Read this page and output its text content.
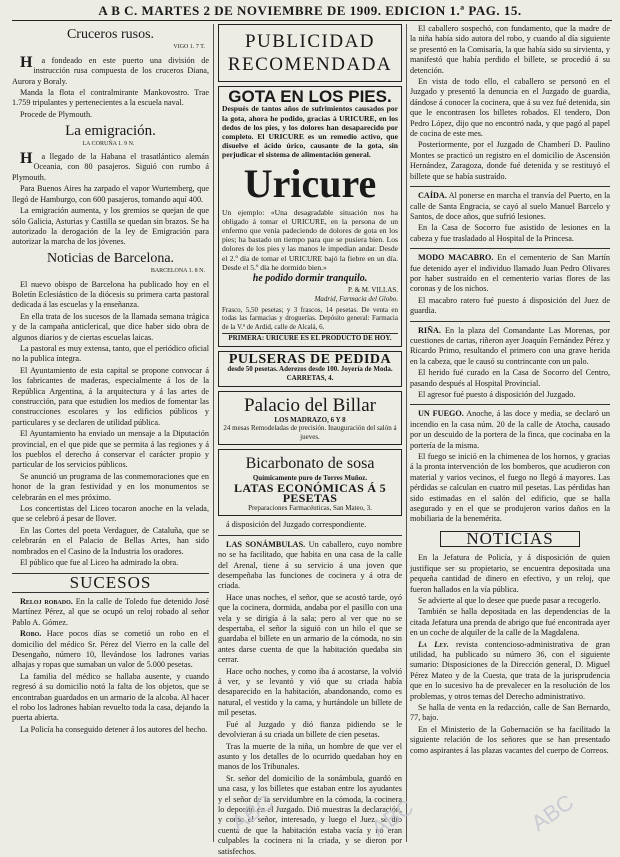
A B C. MARTES 2 DE NOVIEMBRE DE 1909. EDICION 1.ª PAG. 15.
Cruceros rusos.
VIGO 1. 7 T.

Ha fondeado en este puerto una división de instrucción rusa compuesta de los cruceros Diana, Aurora y Boraly.

Manda la flota el contralmirante Mankovostro. Trae 1.759 tripulantes y pertenecientes a la escuela naval.

Procede de Plymouth.

La emigración.
LA CORUÑA 1. 9 N.

Ha llegado de la Habana el trasatlántico alemán Oceania, con 80 pasajeros. Siguió con rumbo á Plymouth.

Para Buenos Aires ha zarpado el vapor Wurtemberg, que llegó de Hamburgo, con 600 pasajeros, tomando aquí 400.

La emigración aumenta, y los gremios se quejan de que sólo Galicia, Asturias y Castilla se quedan sin brazos. Se ha autorizado la derogación de la ley de Emigración para autorizar la marcha de los jóvenes.

Noticias de Barcelona.
BARCELONA 1. 8 N.

El nuevo obispo de Barcelona ha publicado hoy en el Boletín Eclesiástico de la diócesis su primera carta pastoral dedicada á las escuelas y la enseñanza.

En ella trata de los sucesos de la llamada semana trágica y de la campaña anticlerical, que dice haber sido obra de algunos diarios y de ciertas escuelas laicas.

La pastoral es muy extensa, tanto, que el periódico oficial no la publica íntegra.

El Ayuntamiento de esta capital se propone convocar á los fabricantes de maderas, especialmente á los de la República Argentina, á la arquitectura y á las artes de construcción, para que estudien los medios de fomentar las construcciones escolares y los edificios públicos y particulares y se declaren de utilidad pública.

El Ayuntamiento ha enviado un mensaje a la Diputación provincial, en el que pide que se permita á las regiones y á los pueblos el derecho á conservar el carácter propio y particular de los servicios públicos.

Se anunció un programa de las conmemoraciones que en honor de la gran festividad y en los monumentos se celebrarán en el mes próximo.

Los concertistas del Liceo tocaron anoche en la velada, que se celebró á pesar de llover.

En las Cortes del poeta Verdaguer, de Cataluña, que se celebrarán en el Palacio de Bellas Artes, han sido nombrados en el Casino de la Industria los oradores.

El público que fue al Liceo ha admirado la obra.

SUCESOS

Reloj robado. En la calle de Toledo fue detenido José Martínez Pérez, al que se ocupó un reloj robado al señor Pablo A. Gómez.

Robo. Hace pocos días se cometió un robo en el domicilio del médico Sr. Pérez del Vierro en la calle del Desengaño, número 10, llevándose los ladrones varias alhajas y ropas que sumaban un valor de 5.000 pesetas.

La familia del médico se hallaba ausente, y cuando regresó á su domicilio notó la falta de los objetos, que se encontraban guardados en un armario de la alcoba. Al hacer el robo los ladrones habían revuelto toda la casa, dejando la puerta abierta.

La Policía ha conseguido detener á los autores del hecho.

PUBLICIDAD
RECOMENDADA
GOTA EN LOS PIES.
Después de tantos años de sufrimientos causados por la gota, ahora he podido, gracias á URICURE, en los dedos de los pies, y los dolores han desaparecido por completo. El URICURE es un remedio activo, que disuelve el ácido úrico, causante de la gota, sin perjudicar el sistema de alimentación general.
Uricure
Un ejemplo: «Una desagradable situación nos ha obligado á tomar el URICURE, en la persona de un enfermo que venía padeciendo de dolores de gota en los pies; ha bastado un tiempo para que se pusiera bien. Los dolores de los pies y las manos le impedían andar. Desde el 2.º día de tomar el URICURE bajó la fiebre en un día. Desde el 5.º día he dormido bien.»
he podido dormir tranquilo.
P. & M. VILLAS.
Madrid, Farmacia del Globo.
Frasco, 5,50 pesetas; y 3 frascos, 14 pesetas. De venta en todas las farmacias y droguerías. Depósito general: Farmacia de la V.ª de Ardid, calle de Alcalá, 6.
PRIMERA: URICURE ES EL PRODUCTO DE HOY.
PULSERAS DE PEDIDA
desde 50 pesetas. Aderezos desde 100. Joyería de Moda. CARRETAS, 4.
Palacio del Billar
LOS MADRAZO, 6 Y 8
24 mesas Remodeladas de precisión. Inauguración del salón á jueves.
Bicarbonato de sosa
Químicamente puro de Torres Muñoz.
LATAS ECONÓMICAS Á 5 PESETAS
Preparaciones Farmacéuticas, San Mateo, 3.

á disposición del Juzgado correspondiente.

LAS SONÁMBULAS. Un caballero, cuyo nombre no se ha facilitado, que habita en una casa de la calle del Arenal, tiene á su servicio á una joven que desempeñaba las funciones de cocinera y á otra de criada.

Hace unas noches, el señor, que se acostó tarde, oyó que la cocinera, dormida, andaba por el pasillo con una vela y se dirigía á la sala; pero al ver que no se despertaba, el señor la siguió con un hilo el que se guardaba el billete en un armario de la cómoda, no sin antes darse cuenta de que la habitación quedaba sin cerrar.

Hace ocho noches, y como iba á acostarse, la volvió á ver, y se levantó y vió que su criada había desaparecido en la habitación, abandonando, como es natural, el vestido y la cama, y hurtándole un billete de mil pesetas.

Fué al Juzgado y dió fianza pidiendo se le devolvieran á su criada un billete de cien pesetas.

Tras la muerte de la niña, un hombre de que ver el asunto y los detalles de lo ocurrido quedaban hoy en manos de los Tribunales.

Sr. señor del domicilio de la sonámbula, guardó en una casa, y los billetes que estaban entre los ayudantes y el señor de la servidumbre en la cómoda, la cocinera lo depositó en el Juzgado. Dió muestras la declaración, y como el señor, interesado, y luego el Juez, se dio cuenta de que la habitación estaba vacía y no eran culpables la cocinera ni la criada, y se dieron por satisfechos.

El caballero sospechó, con fundamento, que la madre de la niña había sido autora del robo, y cuando al día siguiente se presentó en la Comisaría, la que había sido su sirvienta, y manifestó que había perdido el billete, se procedió á su detención.

En vista de todo ello, el caballero se personó en el Juzgado y presentó la denuncia en el Juzgado de guardia, dándose á conocer la cocinera, que á su vez fué detenida, sin que le encontrasen los billetes robados. El tendero, Don Pedro López, dijo que no encontró nada, y que pagó al papel de cocina de este mes.

Posteriormente, por el Juzgado de Chamberí D. Paulino Montes se practicó un registro en el domicilio de Ascensión Hernández, Zaragoza, donde fué detenida y se restituyó el billete que se había sustraído.

CAÍDA. Al ponerse en marcha el tranvía del Puerto, en la calle de Santa Engracia, se cayó al suelo Manuel Barcelo y Santos, de doce años, que sufrió lesiones.

En la Casa de Socorro fue asistido de lesiones en la cabeza y fue trasladado al Hospital de la Princesa.

MODO MACABRO. En el cementerio de San Martín fue detenido ayer el individuo llamado Juan Pedro Olivares por haber sustraído en el cementerio varias flores de las coronas y de los nichos.

El macabro ratero fué puesto á disposición del Juez de guardia.

RIÑA. En la plaza del Comandante Las Morenas, por cuestiones de cartas, riñeron ayer Joaquín Fernández Pérez y Ricardo Primo, resultando el primero con una grave herida en la cabeza, que le causó su contrincante con un palo.

El herido fué curado en la Casa de Socorro del Centro, pasando después al Hospital Provincial.

El agresor fué puesto á disposición del Juzgado.

UN FUEGO. Anoche, á las doce y media, se declaró un incendio en la casa núm. 20 de la calle de Atocha, causado por un descuido de la portera de la finca, que cocinaba en la portería de la misma.

El fuego se inició en la chimenea de los hornos, y gracias á la pronta intervención de los bomberos, que acudieron con material y varios vecinos, el fuego no llegó á mayores. Las pérdidas se calculan en cuatro mil pesetas. Las pérdidas han sido estimadas en el salón del edificio, que se halla asegurado y en el que se produjeron varios daños en la mobiliaria de la benemérita.

NOTICIAS

En la Jefatura de Policía, y á disposición de quien justifique ser su propietario, se encuentra depositada una pequeña cantidad de dinero en efectivo, y un reloj, que fueron hallados en la vía pública.

Se advierte al que lo desee que puede pasar a recogerlo.

También se halla depositada en las dependencias de la citada Jefatura una prenda de abrigo que fué encontrada ayer en un coche de alquiler de la calle de la Magdalena.

La Ley. revista contencioso-administrativa de gran utilidad, ha publicado su número 36, con el siguiente sumario: Disposiciones de la Dirección general, D. Miguel Pérez Mateo y de la Cuesta, que trata de la jurisprudencia que en lo sucesivo ha de prevalecer en la resolución de los problemas, y otros temas del Derecho administrativo.

Se halla de venta en la redacción, calle de San Bernardo, 77, bajo.

En el Ministerio de la Gobernación se ha facilitado la siguiente relación de los señores que se han presentado como aspirantes á las plazas vacantes del cuerpo de Correos.

ABC	ABC	ABC
